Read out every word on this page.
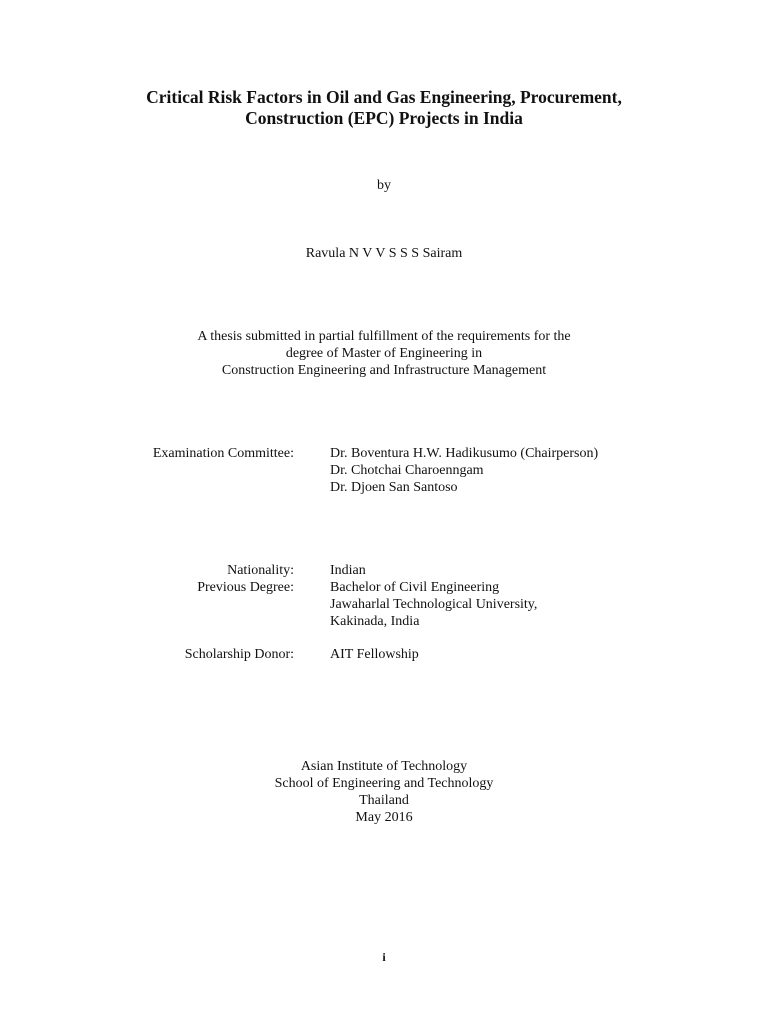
Critical Risk Factors in Oil and Gas Engineering, Procurement,
Construction (EPC) Projects in India
by
Ravula N V V S S S Sairam
A thesis submitted in partial fulfillment of the requirements for the
degree of Master of Engineering in
Construction Engineering and Infrastructure Management
Examination Committee:	Dr. Boventura H.W. Hadikusumo (Chairperson)
Dr. Chotchai Charoenngam
Dr. Djoen San Santoso
Nationality:	Indian
Previous Degree:	Bachelor of Civil Engineering
Jawaharlal Technological University,
Kakinada, India
Scholarship Donor:	AIT Fellowship
Asian Institute of Technology
School of Engineering and Technology
Thailand
May 2016
i
